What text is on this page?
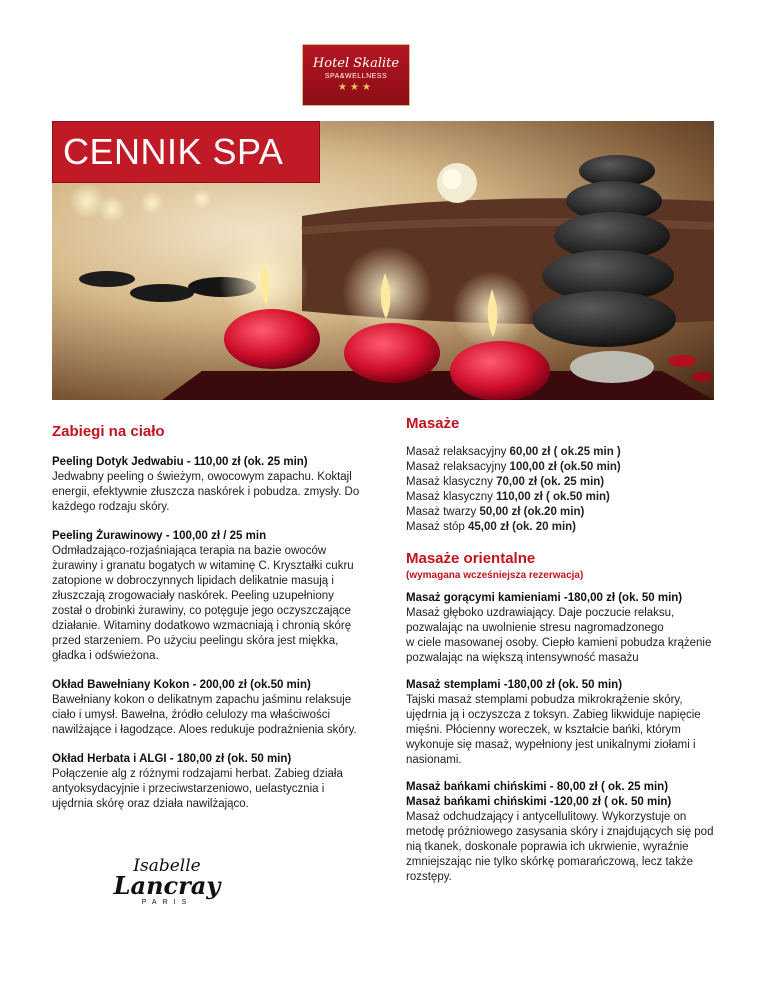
Hotel Skalite
SPA&WELLNESS
★★★
CENNIK SPA
Zabiegi na ciało

Peeling Dotyk Jedwabiu - 110,00 zł (ok. 25 min)

Jedwabny peeling o świeżym, owocowym zapachu. Koktajl

energii, efektywnie złuszcza naskórek i pobudza. zmysły. Do

każdego rodzaju skóry.

Peeling Żurawinowy - 100,00 zł / 25 min

Odmładzająco-rozjaśniająca terapia na bazie owoców

żurawiny i granatu bogatych w witaminę C. Kryształki cukru

zatopione w dobroczynnych lipidach delikatnie masują i

złuszczają zrogowaciały naskórek. Peeling uzupełniony

został o drobinki żurawiny, co potęguje jego oczyszczające

działanie. Witaminy dodatkowo wzmacniają i chronią skórę

przed starzeniem. Po użyciu peelingu skóra jest miękka,

gładka i odświeżona.

Okład Bawełniany Kokon - 200,00 zł (ok.50 min)

Bawełniany kokon o delikatnym zapachu jaśminu relaksuje

ciało i umysł. Bawełna, źródło celulozy ma właściwości

nawilżające i łagodzące. Aloes redukuje podrażnienia skóry.

Okład Herbata i ALGI - 180,00 zł (ok. 50 min)

Połączenie alg z różnymi rodzajami herbat. Zabieg działa

antyoksydacyjnie i przeciwstarzeniowo, uelastycznia i

ujędrnia skórę oraz działa nawilżająco.

Masaże

Masaż relaksacyjny 60,00 zł ( ok.25 min )

Masaż relaksacyjny 100,00 zł (ok.50 min)

Masaż klasyczny 70,00 zł (ok. 25 min)

Masaż klasyczny 110,00 zł ( ok.50 min)

Masaż twarzy 50,00 zł (ok.20 min)

Masaż stóp 45,00 zł (ok. 20 min)

Masaże orientalne

(wymagana wcześniejsza rezerwacja)

Masaż gorącymi kamieniami -180,00 zł (ok. 50 min)

Masaż głęboko uzdrawiający. Daje poczucie relaksu,

pozwalając na uwolnienie stresu nagromadzonego

w ciele masowanej osoby. Ciepło kamieni pobudza krążenie

pozwalając na większą intensywność masażu

Masaż stemplami -180,00 zł (ok. 50 min)

Tajski masaż stemplami pobudza mikrokrążenie skóry,

ujędrnia ją i oczyszcza z toksyn. Zabieg likwiduje napięcie

mięśni. Płócienny woreczek, w kształcie bańki, którym

wykonuje się masaż, wypełniony jest unikalnymi ziołami i

nasionami.

Masaż bańkami chińskimi - 80,00 zł ( ok. 25 min)

Masaż bańkami chińskimi -120,00 zł ( ok. 50 min)

Masaż odchudzający i antycellulitowy. Wykorzystuje on

metodę próżniowego zasysania skóry i znajdujących się pod

nią tkanek, doskonale poprawia ich ukrwienie, wyraźnie

zmniejszając nie tylko skórkę pomarańczową, lecz także

rozstępy.

Isabelle
Lancray
PARIS
